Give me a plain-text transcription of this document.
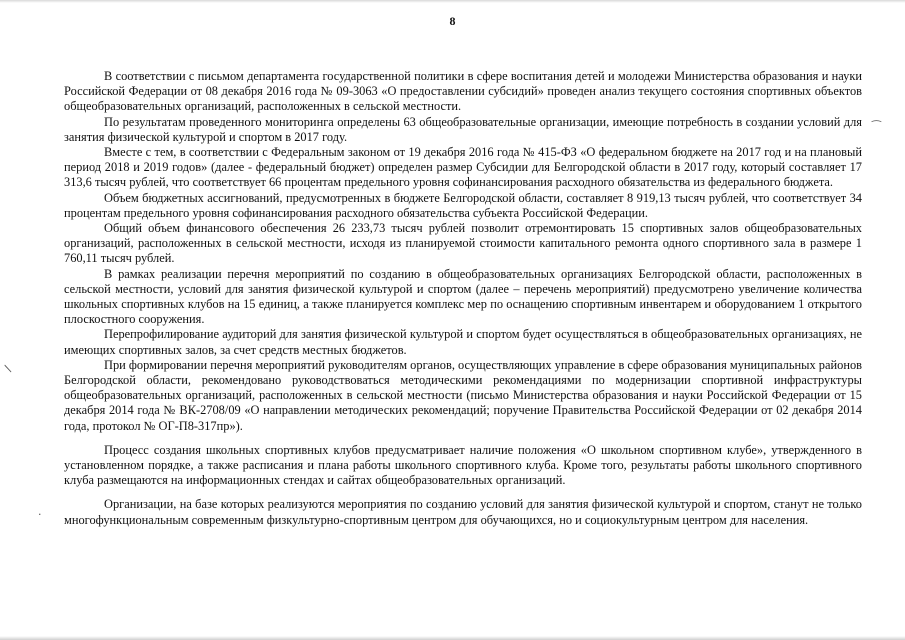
8

В соответствии с письмом департамента государственной политики в сфере воспитания детей и молодежи Министерства образования и науки Российской Федерации от 08 декабря 2016 года № 09-3063 «О предоставлении субсидий» проведен анализ текущего состояния спортивных объектов общеобразовательных организаций, расположенных в сельской местности.

По результатам проведенного мониторинга определены 63 общеобразовательные организации, имеющие потребность в создании условий для занятия физической культурой и спортом в 2017 году.

Вместе с тем, в соответствии с Федеральным законом от 19 декабря 2016 года № 415-ФЗ «О федеральном бюджете на 2017 год и на плановый период 2018 и 2019 годов» (далее - федеральный бюджет) определен размер Субсидии для Белгородской области в 2017 году, который составляет 17 313,6 тысяч рублей, что соответствует 66 процентам предельного уровня софинансирования расходного обязательства из федерального бюджета.

Объем бюджетных ассигнований, предусмотренных в бюджете Белгородской области, составляет 8 919,13 тысяч рублей, что соответствует 34 процентам предельного уровня софинансирования расходного обязательства субъекта Российской Федерации.

Общий объем финансового обеспечения 26 233,73 тысяч рублей позволит отремонтировать 15 спортивных залов общеобразовательных организаций, расположенных в сельской местности, исходя из планируемой стоимости капитального ремонта одного спортивного зала в размере 1 760,11 тысяч рублей.

В рамках реализации перечня мероприятий по созданию в общеобразовательных организациях Белгородской области, расположенных в сельской местности, условий для занятия физической культурой и спортом (далее – перечень мероприятий) предусмотрено увеличение количества школьных спортивных клубов на 15 единиц, а также планируется комплекс мер по оснащению спортивным инвентарем и оборудованием 1 открытого плоскостного сооружения.

Перепрофилирование аудиторий для занятия физической культурой и спортом будет осуществляться в общеобразовательных организациях, не имеющих спортивных залов, за счет средств местных бюджетов.

При формировании перечня мероприятий руководителям органов, осуществляющих управление в сфере образования муниципальных районов Белгородской области, рекомендовано руководствоваться методическими рекомендациями по модернизации спортивной инфраструктуры общеобразовательных организаций, расположенных в сельской местности (письмо Министерства образования и науки Российской Федерации от 15 декабря 2014 года № ВК-2708/09 «О направлении методических рекомендаций; поручение Правительства Российской Федерации от 02 декабря 2014 года, протокол № ОГ-П8-317пр»).

Процесс создания школьных спортивных клубов предусматривает наличие положения «О школьном спортивном клубе», утвержденного в установленном порядке, а также расписания и плана работы школьного спортивного клуба. Кроме того, результаты работы школьного спортивного клуба размещаются на информационных стендах и сайтах общеобразовательных организаций.

Организации, на базе которых реализуются мероприятия по созданию условий для занятия физической культурой и спортом, станут не только многофункциональным современным физкультурно-спортивным центром для обучающихся, но и социокультурным центром для населения.

⁀
/
·
